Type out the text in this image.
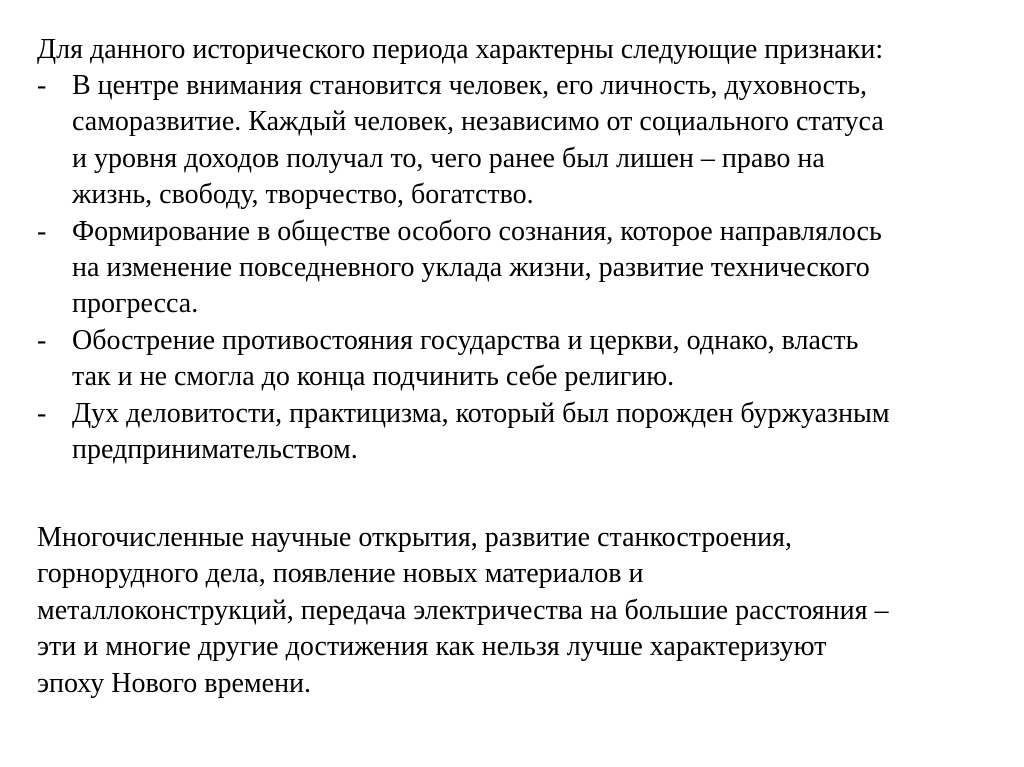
Для данного исторического периода характерны следующие признаки:

- В центре внимания становится человек, его личность, духовность,
саморазвитие. Каждый человек, независимо от социального статуса
и уровня доходов получал то, чего ранее был лишен – право на
жизнь, свободу, творчество, богатство.
- Формирование в обществе особого сознания, которое направлялось
на изменение повседневного уклада жизни, развитие технического
прогресса.
- Обострение противостояния государства и церкви, однако, власть
так и не смогла до конца подчинить себе религию.
- Дух деловитости, практицизма, который был порожден буржуазным
предпринимательством.

Многочисленные научные открытия, развитие станкостроения,
горнорудного дела, появление новых материалов и
металлоконструкций, передача электричества на большие расстояния –
эти и многие другие достижения как нельзя лучше характеризуют
эпоху Нового времени.
